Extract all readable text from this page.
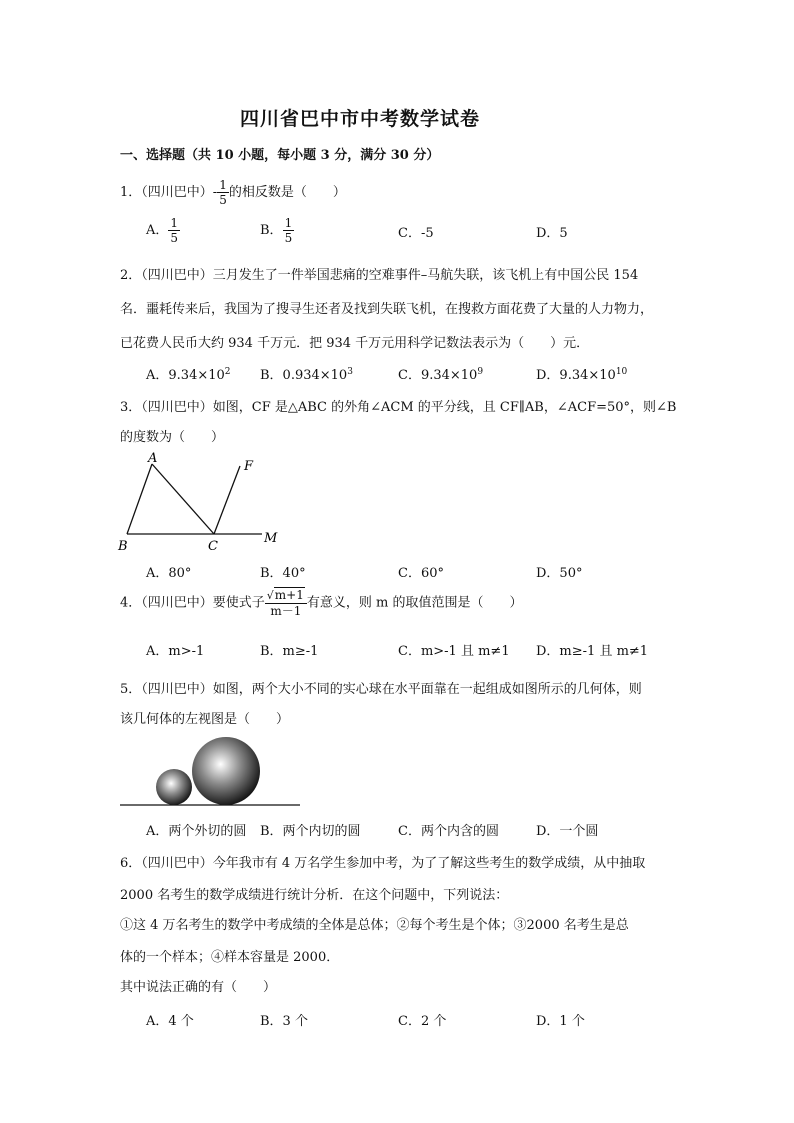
四川省巴中市中考数学试卷
一、选择题（共 10 小题，每小题 3 分，满分 30 分）
1．（四川巴中）- $\frac{1}{5}$ 的相反数是（　　）
A． $\frac{1}{5}$	B． $\frac{1}{5}$	C．-5	D．5
2．（四川巴中）三月发生了一件举国悲痛的空难事件–马航失联，该飞机上有中国公民 154
名．噩耗传来后，我国为了搜寻生还者及找到失联飞机，在搜救方面花费了大量的人力物力，
已花费人民币大约 934 千万元．把 934 千万元用科学记数法表示为（　　）元．
A．$9.34\times 10^2$ B．$0.934\times 10^3$	C．$9.34\times 10^9$	D．$9.34\times 10^{10}$
3．（四川巴中）如图，CF 是△ABC 的外角∠ACM 的平分线，且 CF∥AB，∠ACF=50°，则∠B
的度数为（　　）
A
B	C
F
M
A．80°	B．40°	C．60°	D．50°
4．（四川巴中）要使式子 $\frac{√m+1}{m-1}$ 有意义，则 m 的取值范围是（　　）
A．m>-1	B．m≥-1	C．m>-1 且 m≠1 D．m≥-1 且 m≠1
5．（四川巴中）如图，两个大小不同的实心球在水平面靠在一起组成如图所示的几何体，则
该几何体的左视图是（　　）
A．两个外切的圆 B．两个内切的圆	C．两个内含的圆	D．一个圆
6．（四川巴中）今年我市有 4 万名学生参加中考，为了了解这些考生的数学成绩，从中抽取
2000 名考生的数学成绩进行统计分析．在这个问题中，下列说法：
①这 4 万名考生的数学中考成绩的全体是总体；②每个考生是个体；③2000 名考生是总
体的一个样本；④样本容量是 2000．
其中说法正确的有（　　）
A．4 个	B．3 个	C．2 个	D．1 个
